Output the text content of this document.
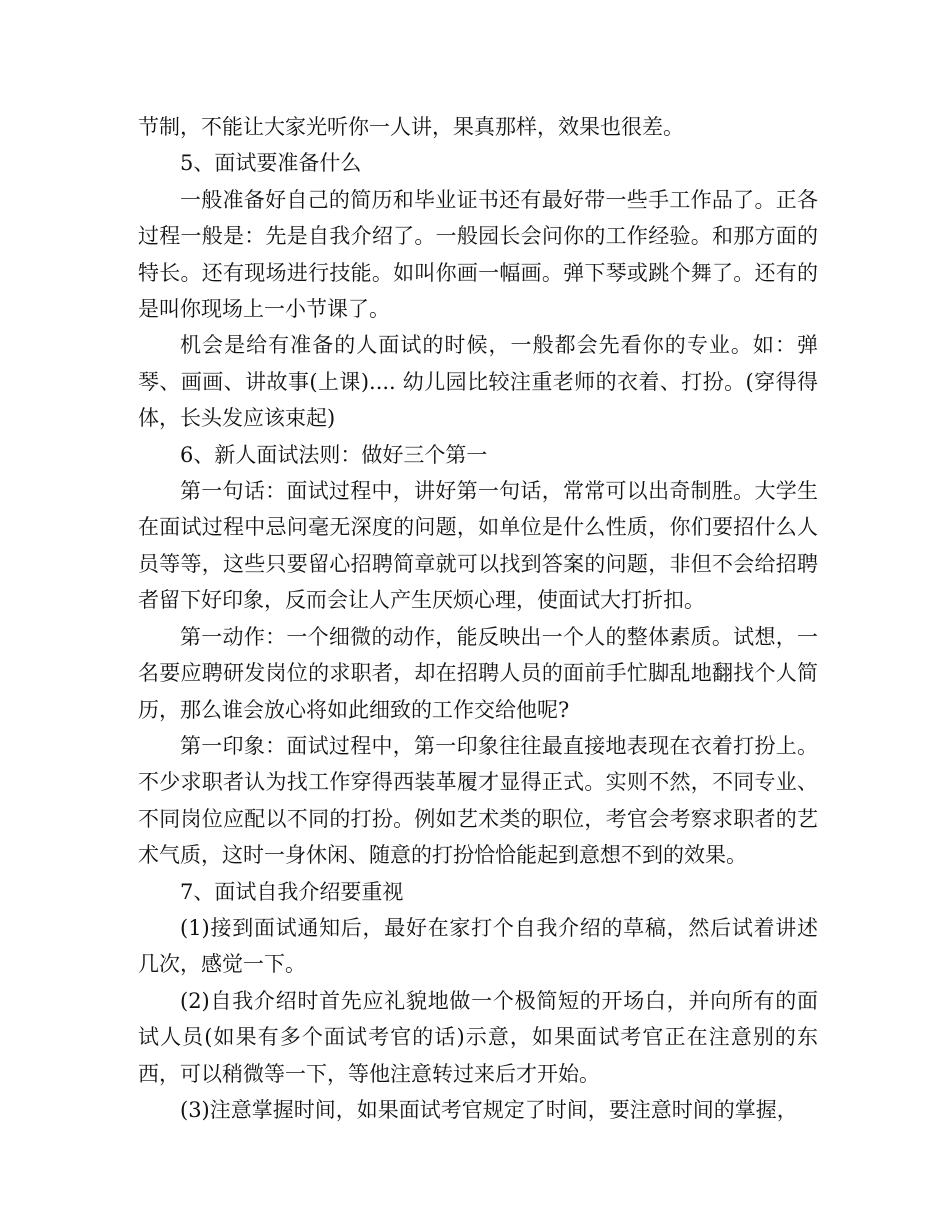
节制，不能让大家光听你一人讲，果真那样，效果也很差。

5、面试要准备什么

一般准备好自己的简历和毕业证书还有最好带一些手工作品了。正各过程一般是：先是自我介绍了。一般园长会问你的工作经验。和那方面的特长。还有现场进行技能。如叫你画一幅画。弹下琴或跳个舞了。还有的是叫你现场上一小节课了。

机会是给有准备的人面试的时候，一般都会先看你的专业。如：弹琴、画画、讲故事(上课).... 幼儿园比较注重老师的衣着、打扮。(穿得得体，长头发应该束起)

6、新人面试法则：做好三个第一

第一句话：面试过程中，讲好第一句话，常常可以出奇制胜。大学生在面试过程中忌问毫无深度的问题，如单位是什么性质，你们要招什么人员等等，这些只要留心招聘简章就可以找到答案的问题，非但不会给招聘者留下好印象，反而会让人产生厌烦心理，使面试大打折扣。

第一动作：一个细微的动作，能反映出一个人的整体素质。试想，一名要应聘研发岗位的求职者，却在招聘人员的面前手忙脚乱地翻找个人简历，那么谁会放心将如此细致的工作交给他呢?

第一印象：面试过程中，第一印象往往最直接地表现在衣着打扮上。不少求职者认为找工作穿得西装革履才显得正式。实则不然，不同专业、不同岗位应配以不同的打扮。例如艺术类的职位，考官会考察求职者的艺术气质，这时一身休闲、随意的打扮恰恰能起到意想不到的效果。

7、面试自我介绍要重视

(1)接到面试通知后，最好在家打个自我介绍的草稿，然后试着讲述几次，感觉一下。

(2)自我介绍时首先应礼貌地做一个极简短的开场白，并向所有的面试人员(如果有多个面试考官的话)示意，如果面试考官正在注意别的东西，可以稍微等一下，等他注意转过来后才开始。

(3)注意掌握时间，如果面试考官规定了时间，要注意时间的掌握，
